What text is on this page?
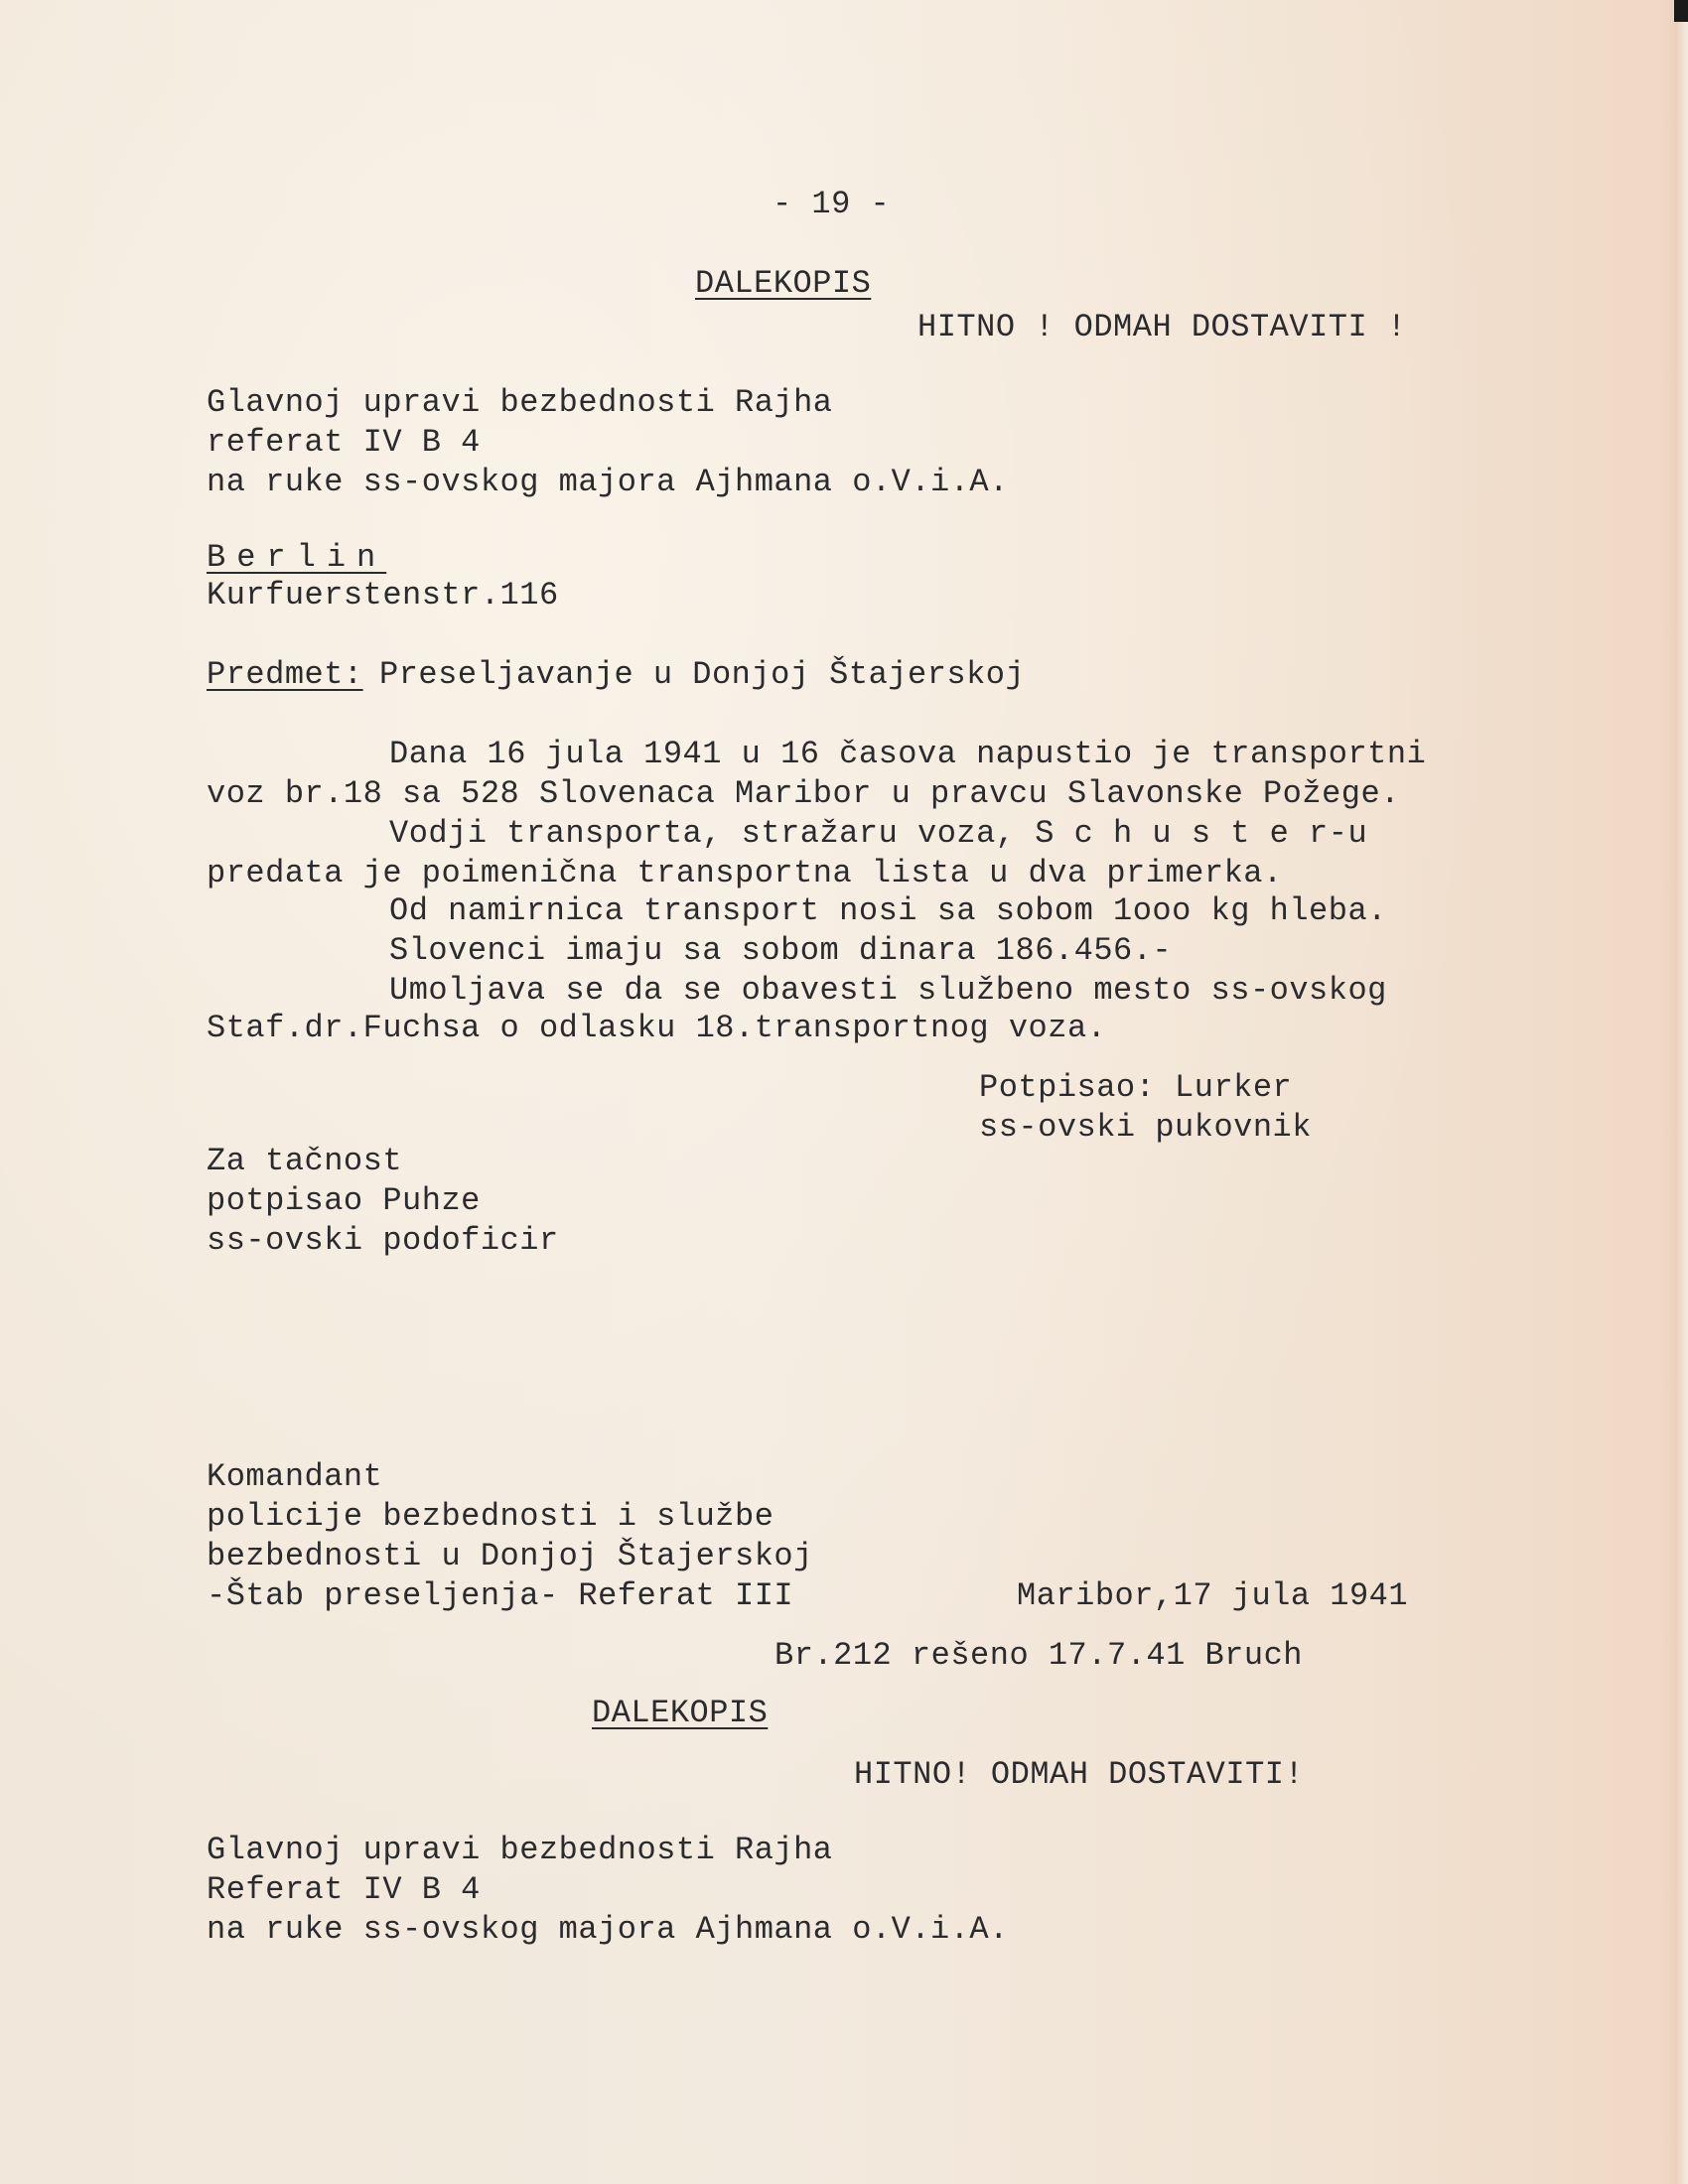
- 19 -
DALEKOPIS
HITNO ! ODMAH DOSTAVITI !
Glavnoj upravi bezbednosti Rajha
referat IV B 4
na ruke ss-ovskog majora Ajhmana o.V.i.A.
Berlin
Kurfuerstenstr.116
Predmet: Preseljavanje u Donjoj Štajerskoj
Dana 16 jula 1941 u 16 časova napustio je transportni
voz br.18 sa 528 Slovenaca Maribor u pravcu Slavonske Požege.
Vodji transporta, stražaru voza, S c h u s t e r-u
predata je poimenična transportna lista u dva primerka.
Od namirnica transport nosi sa sobom 1ooo kg hleba.
Slovenci imaju sa sobom dinara 186.456.-
Umoljava se da se obavesti službeno mesto ss-ovskog
Staf.dr.Fuchsa o odlasku 18.transportnog voza.
Potpisao: Lurker
ss-ovski pukovnik
Za tačnost
potpisao Puhze
ss-ovski podoficir
Komandant
policije bezbednosti i službe
bezbednosti u Donjoj Štajerskoj
-Štab preseljenja- Referat III	Maribor,17 jula 1941
Br.212 rešeno 17.7.41 Bruch
DALEKOPIS
HITNO! ODMAH DOSTAVITI!
Glavnoj upravi bezbednosti Rajha
Referat IV B 4
na ruke ss-ovskog majora Ajhmana o.V.i.A.
